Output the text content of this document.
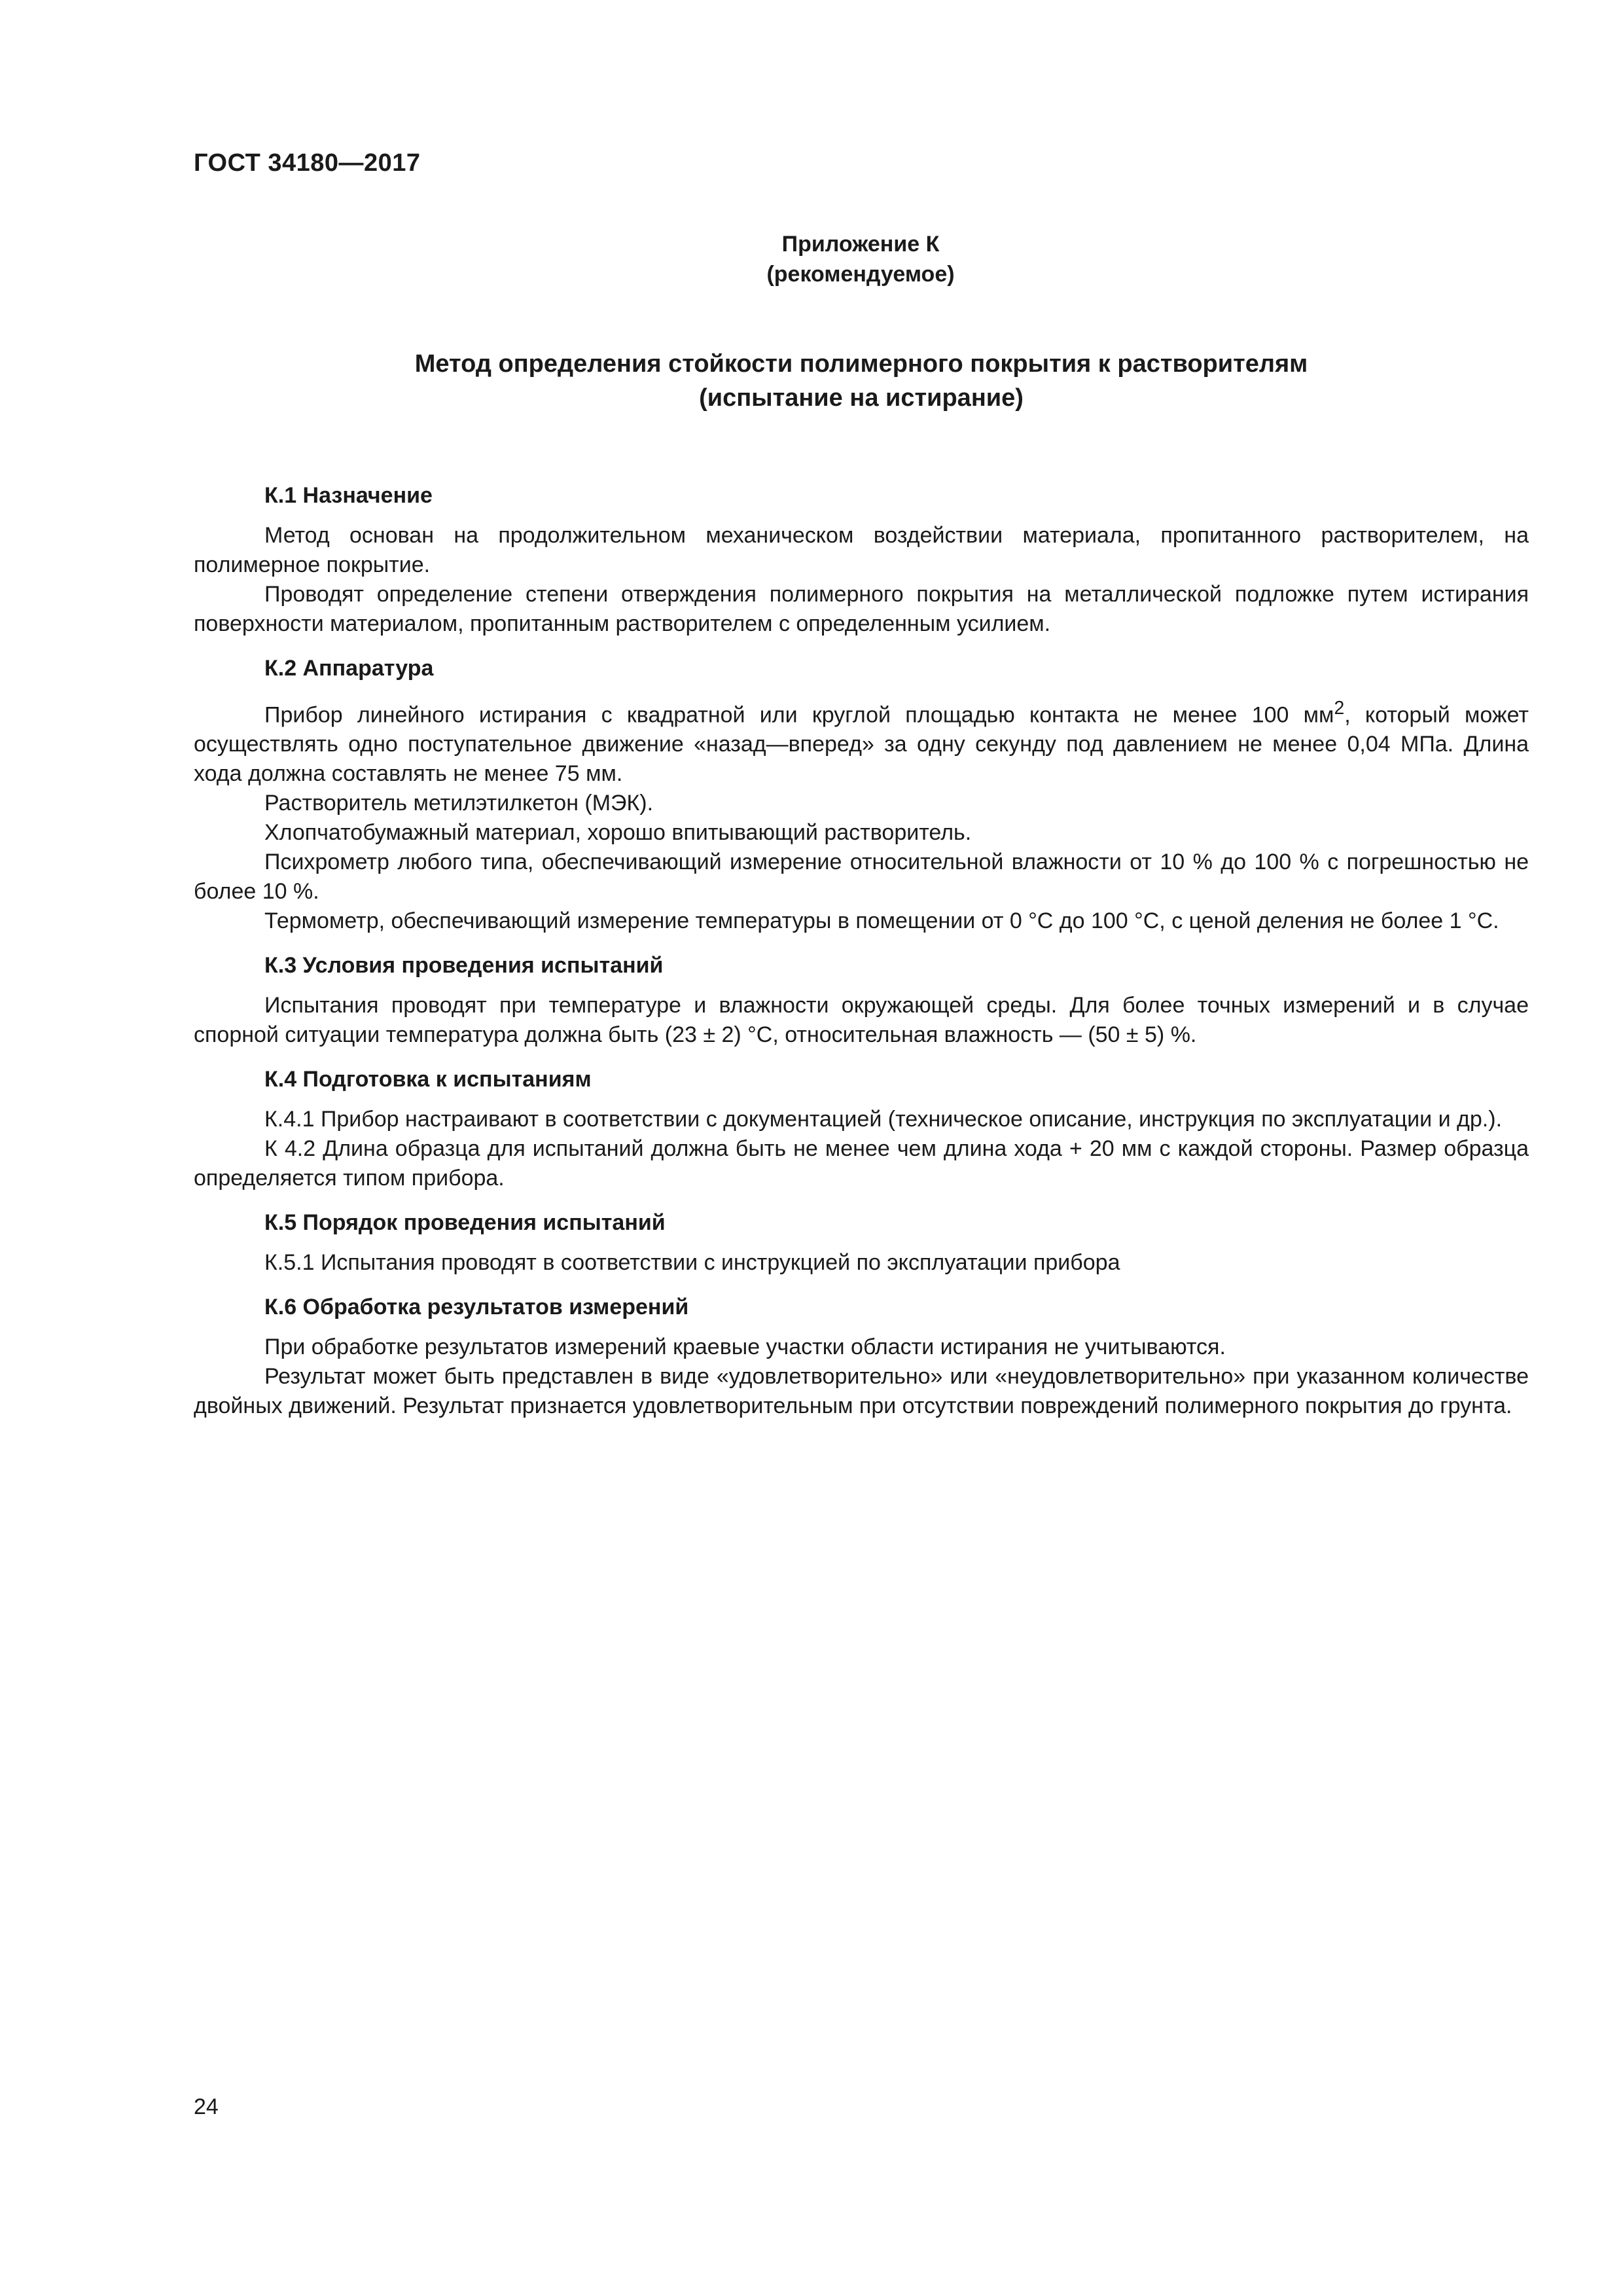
ГОСТ 34180—2017
Приложение К
(рекомендуемое)
Метод определения стойкости полимерного покрытия к растворителям
(испытание на истирание)
К.1 Назначение

Метод основан на продолжительном механическом воздействии материала, пропитанного растворителем, на полимерное покрытие.

Проводят определение степени отверждения полимерного покрытия на металлической подложке путем истирания поверхности материалом, пропитанным растворителем с определенным усилием.

К.2 Аппаратура

Прибор линейного истирания с квадратной или круглой площадью контакта не менее 100 $мм^2$, который может осуществлять одно поступательное движение «назад—вперед» за одну секунду под давлением не менее 0,04 МПа. Длина хода должна составлять не менее 75 мм.

Растворитель метилэтилкетон (МЭК).

Хлопчатобумажный материал, хорошо впитывающий растворитель.

Психрометр любого типа, обеспечивающий измерение относительной влажности от 10 % до 100 % с погрешностью не более 10 %.

Термометр, обеспечивающий измерение температуры в помещении от 0 °С до 100 °С, с ценой деления не более 1 °С.

К.3 Условия проведения испытаний

Испытания проводят при температуре и влажности окружающей среды. Для более точных измерений и в случае спорной ситуации температура должна быть (23 ± 2) °С, относительная влажность — (50 ± 5) %.

К.4 Подготовка к испытаниям

К.4.1 Прибор настраивают в соответствии с документацией (техническое описание, инструкция по эксплуатации и др.).

К 4.2 Длина образца для испытаний должна быть не менее чем длина хода + 20 мм с каждой стороны. Размер образца определяется типом прибора.

К.5 Порядок проведения испытаний

К.5.1 Испытания проводят в соответствии с инструкцией по эксплуатации прибора

К.6 Обработка результатов измерений

При обработке результатов измерений краевые участки области истирания не учитываются.

Результат может быть представлен в виде «удовлетворительно» или «неудовлетворительно» при указанном количестве двойных движений. Результат признается удовлетворительным при отсутствии повреждений полимерного покрытия до грунта.

24
